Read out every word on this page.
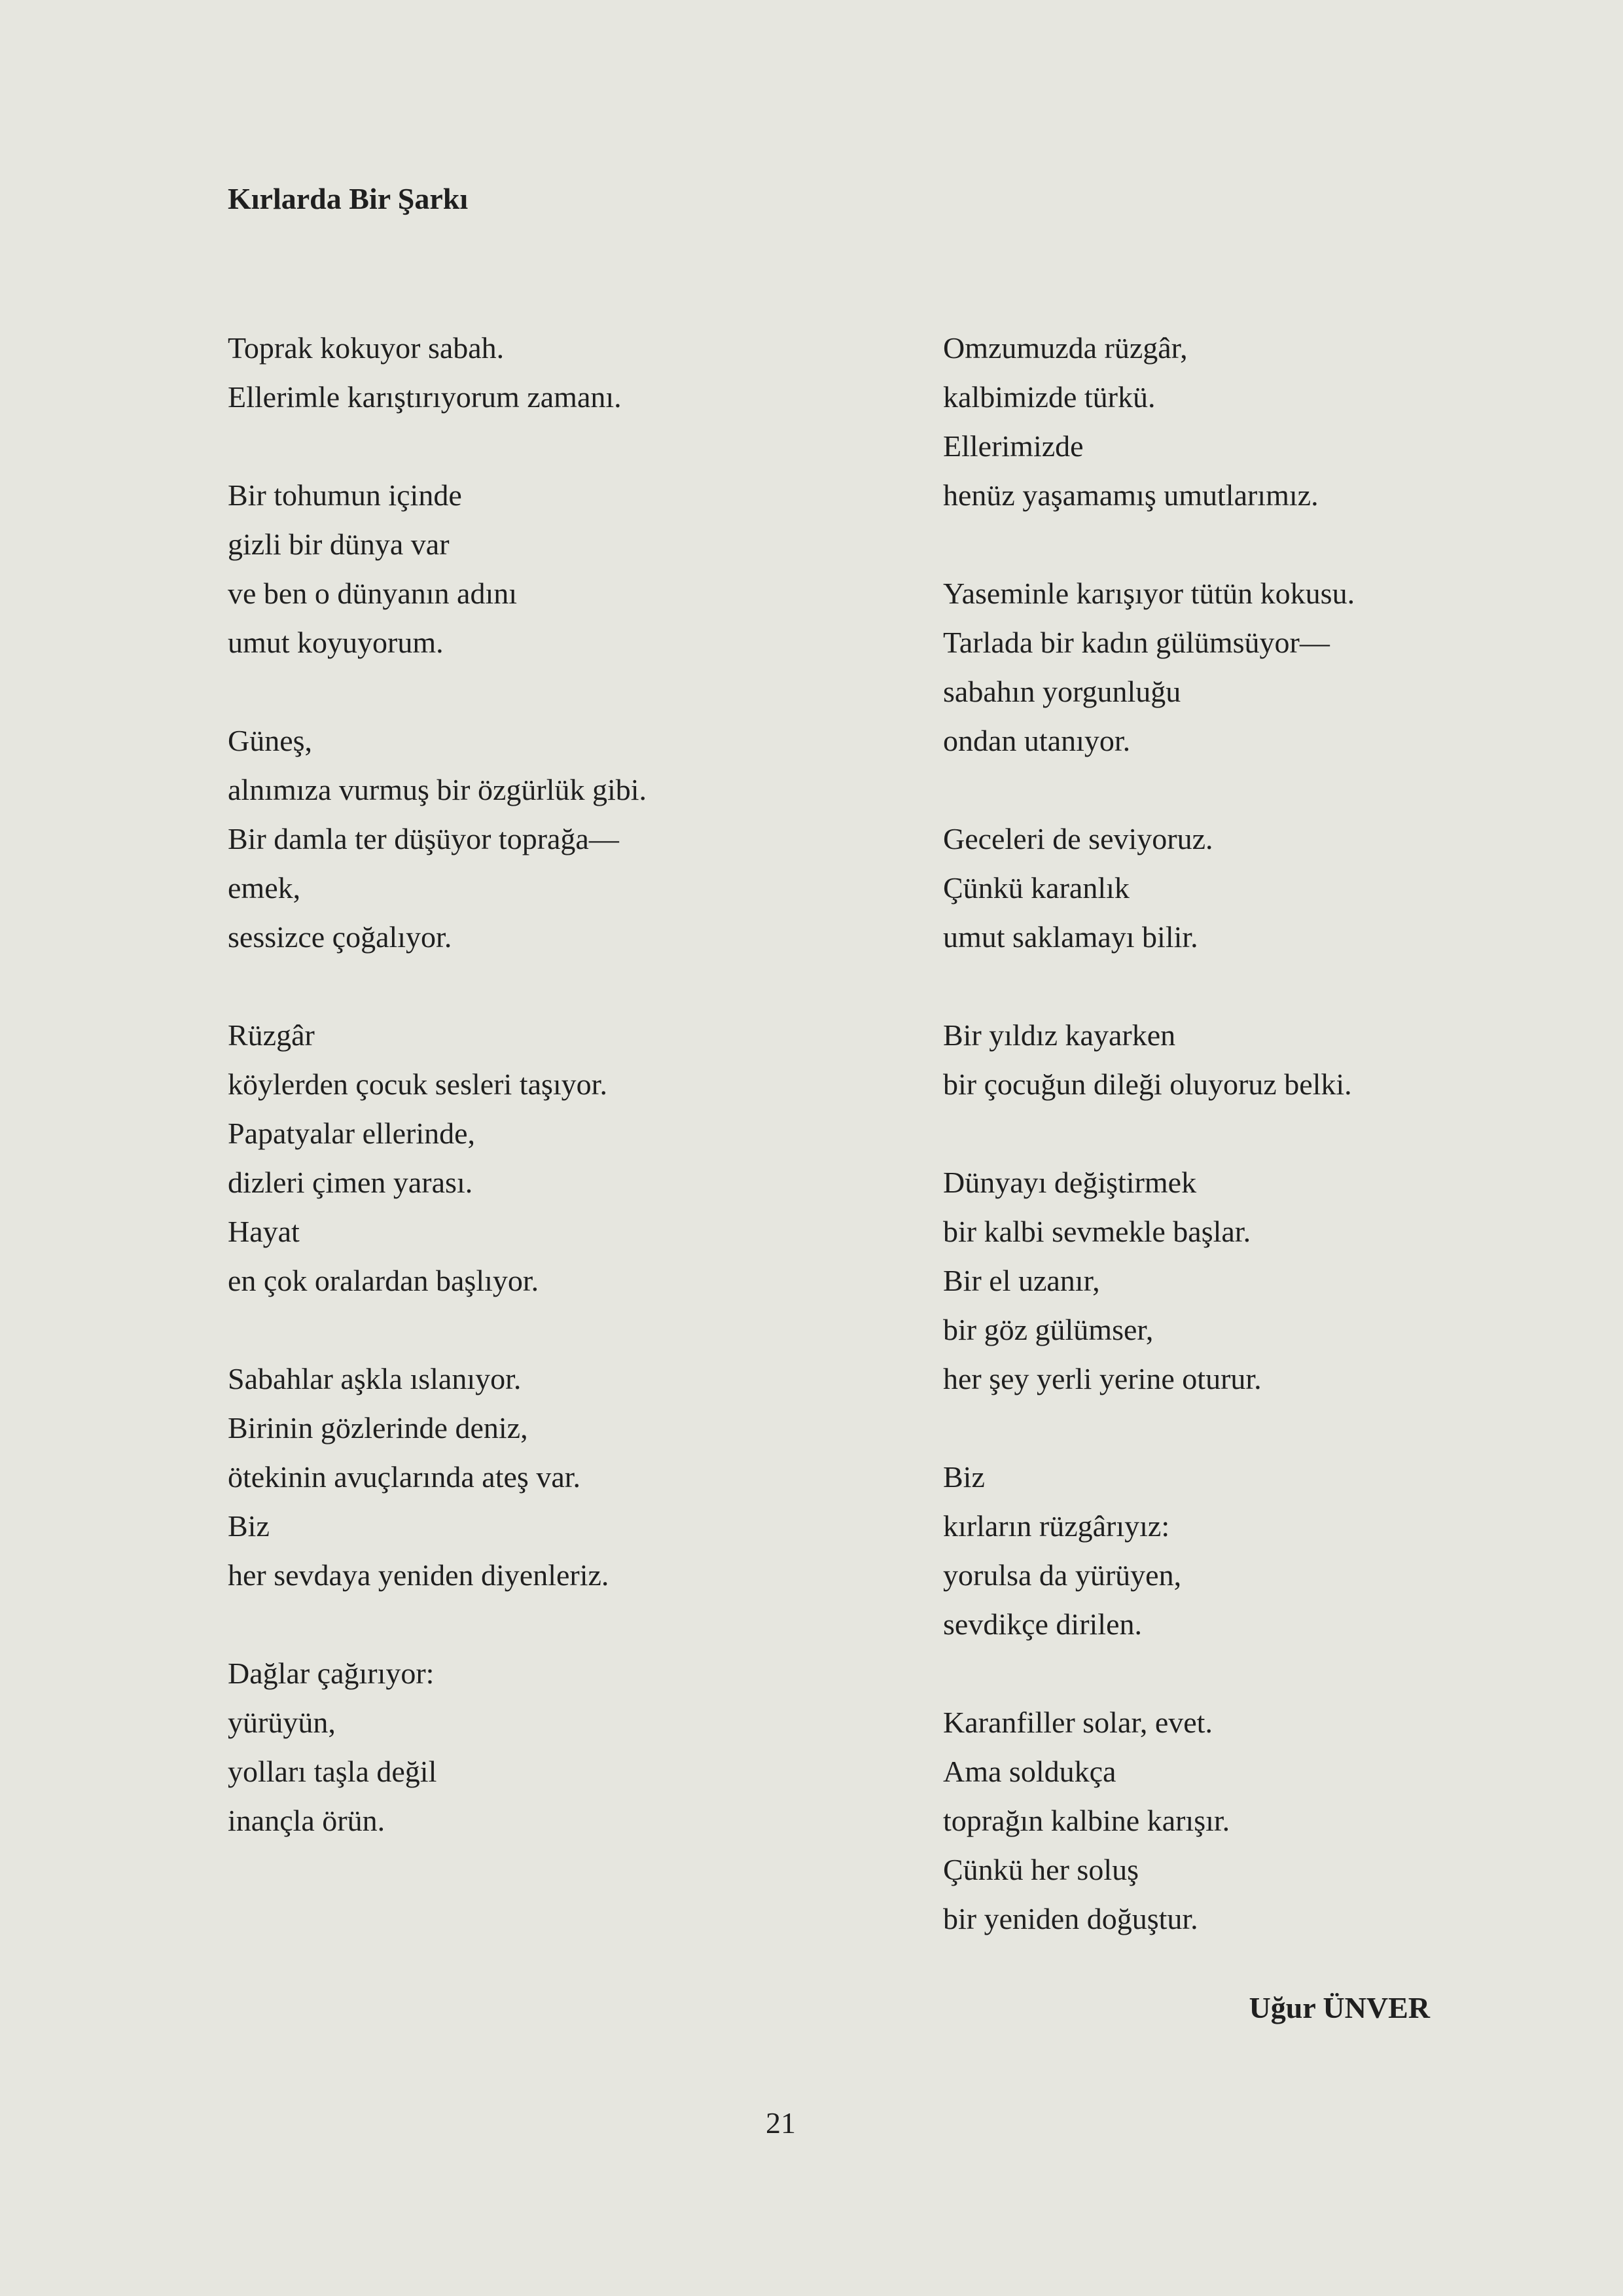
Kırlarda Bir Şarkı
Toprak kokuyor sabah.
Ellerimle karıştırıyorum zamanı.
Bir tohumun içinde
gizli bir dünya var
ve ben o dünyanın adını
umut koyuyorum.
Güneş,
alnımıza vurmuş bir özgürlük gibi.
Bir damla ter düşüyor toprağa—
emek,
sessizce çoğalıyor.
Rüzgâr
köylerden çocuk sesleri taşıyor.
Papatyalar ellerinde,
dizleri çimen yarası.
Hayat
en çok oralardan başlıyor.
Sabahlar aşkla ıslanıyor.
Birinin gözlerinde deniz,
ötekinin avuçlarında ateş var.
Biz
her sevdaya yeniden diyenleriz.
Dağlar çağırıyor:
yürüyün,
yolları taşla değil
inançla örün.
Omzumuzda rüzgâr,
kalbimizde türkü.
Ellerimizde
henüz yaşamamış umutlarımız.
Yaseminle karışıyor tütün kokusu.
Tarlada bir kadın gülümsüyor—
sabahın yorgunluğu
ondan utanıyor.
Geceleri de seviyoruz.
Çünkü karanlık
umut saklamayı bilir.
Bir yıldız kayarken
bir çocuğun dileği oluyoruz belki.
Dünyayı değiştirmek
bir kalbi sevmekle başlar.
Bir el uzanır,
bir göz gülümser,
her şey yerli yerine oturur.
Biz
kırların rüzgârıyız:
yorulsa da yürüyen,
sevdikçe dirilen.
Karanfiller solar, evet.
Ama soldukça
toprağın kalbine karışır.
Çünkü her soluş
bir yeniden doğuştur.

Uğur ÜNVER

21
